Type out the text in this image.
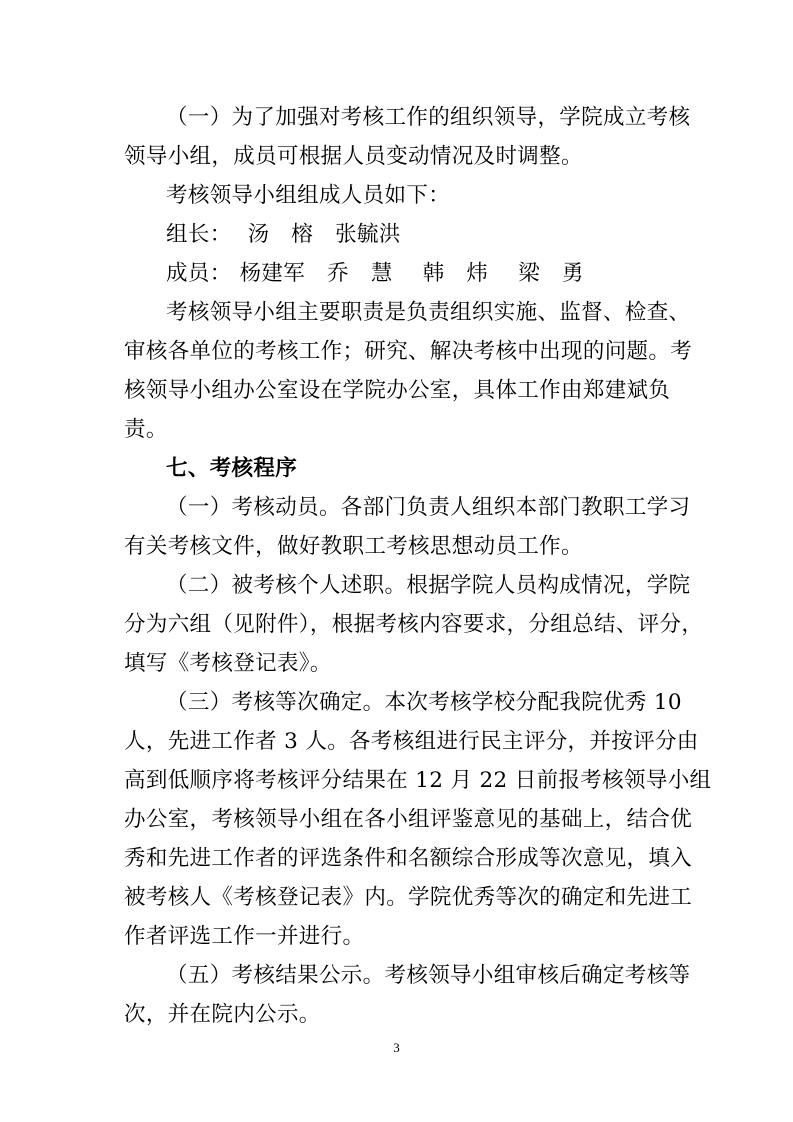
（一）为了加强对考核工作的组织领导，学院成立考核
领导小组，成员可根据人员变动情况及时调整。
考核领导小组组成人员如下：
组长： 汤　榕 张毓洪
成员： 杨建军 乔　慧 韩　炜 梁　勇
考核领导小组主要职责是负责组织实施、监督、检查、
审核各单位的考核工作；研究、解决考核中出现的问题。考
核领导小组办公室设在学院办公室，具体工作由郑建斌负
责。
七、考核程序
（一）考核动员。各部门负责人组织本部门教职工学习
有关考核文件，做好教职工考核思想动员工作。
（二）被考核个人述职。根据学院人员构成情况，学院
分为六组（见附件），根据考核内容要求，分组总结、评分，
填写《考核登记表》。
（三）考核等次确定。本次考核学校分配我院优秀 10
人，先进工作者 3 人。各考核组进行民主评分，并按评分由
高到低顺序将考核评分结果在 12 月 22 日前报考核领导小组
办公室，考核领导小组在各小组评鉴意见的基础上，结合优
秀和先进工作者的评选条件和名额综合形成等次意见，填入
被考核人《考核登记表》内。学院优秀等次的确定和先进工
作者评选工作一并进行。
（五）考核结果公示。考核领导小组审核后确定考核等
次，并在院内公示。
3
